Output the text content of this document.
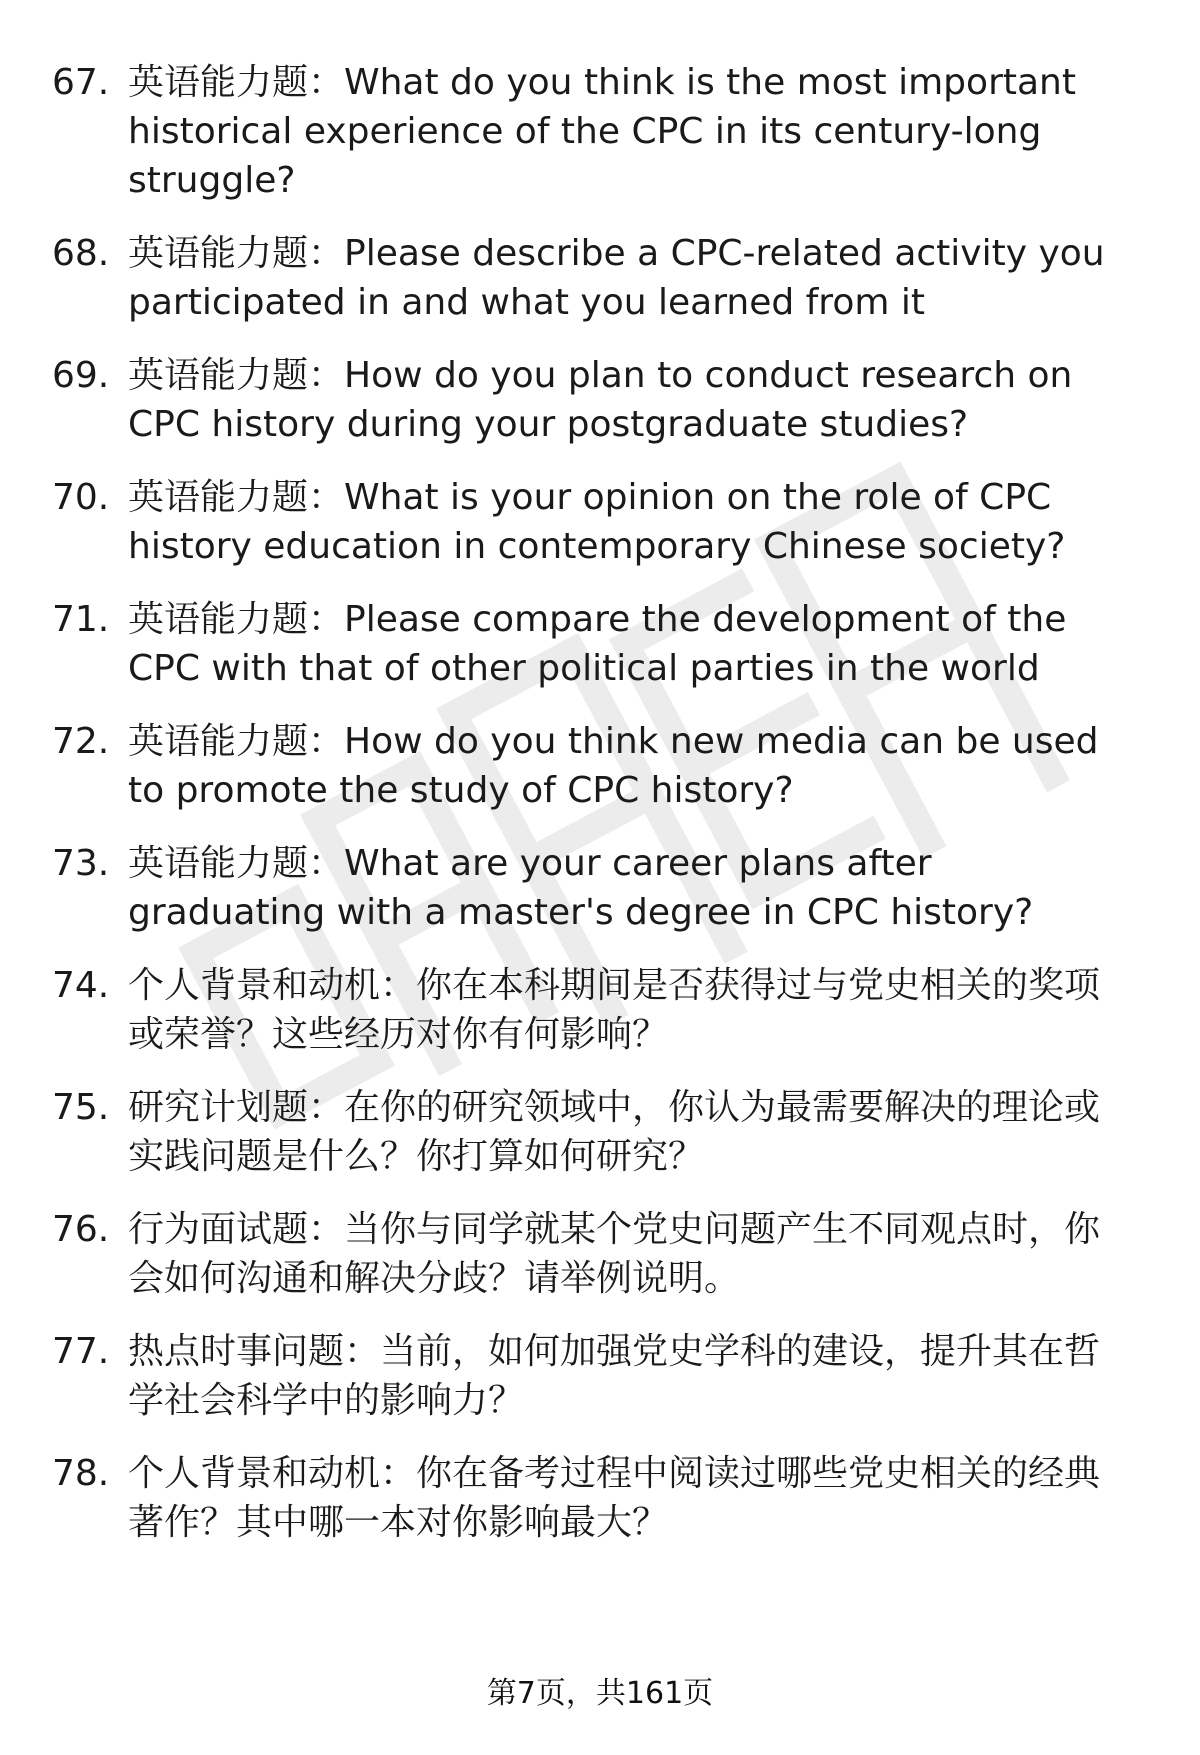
67. 英语能力题：What do you think is the most important historical experience of the CPC in its century-long struggle?
68. 英语能力题：Please describe a CPC-related activity you participated in and what you learned from it
69. 英语能力题：How do you plan to conduct research on CPC history during your postgraduate studies?
70. 英语能力题：What is your opinion on the role of CPC history education in contemporary Chinese society?
71. 英语能力题：Please compare the development of the CPC with that of other political parties in the world
72. 英语能力题：How do you think new media can be used to promote the study of CPC history?
73. 英语能力题：What are your career plans after graduating with a master's degree in CPC history?
74. 个人背景和动机：你在本科期间是否获得过与党史相关的奖项或荣誉？这些经历对你有何影响？
75. 研究计划题：在你的研究领域中，你认为最需要解决的理论或实践问题是什么？你打算如何研究？
76. 行为面试题：当你与同学就某个党史问题产生不同观点时，你会如何沟通和解决分歧？请举例说明。
77. 热点时事问题：当前，如何加强党史学科的建设，提升其在哲学社会科学中的影响力？
78. 个人背景和动机：你在备考过程中阅读过哪些党史相关的经典著作？其中哪一本对你影响最大？
第7页，共161页
